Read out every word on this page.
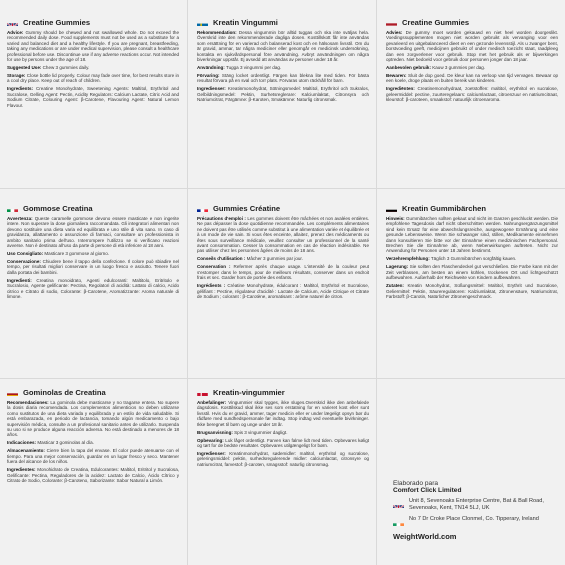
Creatine Gummies

Advice: Gummy should be chewed and not swallowed whole. Do not exceed the recommended daily dose. Food supplements must not be used as a substitute for a varied and balanced diet and a healthy lifestyle. If you are pregnant, breastfeeding, taking any medications or are under medical supervision, please consult a healthcare professional before use. Discontinue use if any adverse reactions occur. Not intended for use by persons under the age of 18.

Suggested Use: Chew 3 gummies daily.

Storage: Close bottle lid properly. Colour may fade over time, for best results store in a cool dry place. Keep out of reach of children.

Ingredients: Creatine Monohydrate, Sweetening Agents: Maltitol, Erythritol and Sucralose, Gelling Agent: Pectin, Acidity Regulators: Calcium Lactate, Citric Acid and Sodium Citrate, Colouring Agent: β-Carotene, Flavouring Agent: Natural Lemon Flavour.

Kreatin Vingummi

Rekommendation: Dessa vingummin bör alltid tuggas och ska inte sväljas hela. Överskrid inte den rekommenderade dagliga dosen. Kosttillskott får inte användas som ersättning för en varierad och balanserad kost och en hälsosam livsstil. Om du är gravid, ammar, tar några mediciner eller genomgår en medicinsk undersökning, kontakta en sjukvårdspersonal före användning. Avbryt användningen om några biverkningar uppstår. Ej avsedd att användas av personer under 18 år.

Användning: Tugga 3 vingummi per dag.

Förvaring: Stäng locket ordentligt. Färgen kan blekna lite med tiden. För bästa resultat förvara på en sval och torr plats. Förvaras utom räckhåll för barn.

Ingredienser: Kreatinmonohydrat, Sötningsmedel: Maltitol, Erythritol och Sukralos, Gelbildningsmedel: Pektin, Surhetsreglerare: Kalciumlaktat, Citronsyra och Natriumcitrat, Färgämne: β-Karoten, Smakämne: Naturlig citronsmak.

Creatine Gummies

Advies: De gummy moet worden gekauwd en niet heel worden doorgeslikt. Voedingssupplementen mogen niet worden gebruikt als vervanging voor een gevarieerd en uitgebalanceerd dieet en een gezonde levensstijl. Als u zwanger bent, borstvoeding geeft, medicijnen gebruikt of onder medisch toezicht staat, raadpleeg dan een zorgverlener voor gebruik. Stop met het gebruik als er bijwerkingen optreden. Niet bedoeld voor gebruik door personen jonger dan 18 jaar.

Aanbevolen gebruik: Kauw 3 gummies per dag.

Bewaren: Sluit de dop goed. De kleur kan na verloop van tijd vervagen. Bewaar op een koele, droge plaats en buiten bereik van kinderen.

Ingrediënten: Creatinemonohydraat, zoetstoffen: maltitol, erythritol en sucralose, geleermiddel: pectine, zuurteregelaars: calciumlactaat, citroenzuur en natriumcitraat, kleurstof: β-caroteen, smaakstof: natuurlijk citroenaroma.

Gommose Creatina

Avvertenza: Queste caramelle gommose devono essere masticate e non ingerite intere. Non superare la dose giornaliera raccomandata. Gli integratori alimentari non devono sostituire una dieta varia ed equilibrata e uno stile di vita sano. In caso di gravidanza, allattamento o assunzione di farmaci, consultare un professionista in ambito sanitario prima dell'uso. Interrompere l'utilizzo se si verificano reazioni avverse. Non è destinato all'uso da parte di persone di età inferiore al 18 anni.

Uso Consigliato: Masticare 3 gommose al giorno.

Conservazione: Chiudere bene il tappo della confezione. Il colore può sbiadire nel tempo, per risultati migliori conservare in un luogo fresco e asciutto. Tenere fuori dalla portata dei bambini.

Ingredienti: Creatina monoidrato, Agenti edulcoranti: Maltitolo, Eritritolo e Sucralosio, Agente gelificante: Pectina, Regolatori di acidità: Lattato di calcio, Acido citrico e Citrato di sodio, Colorante: β-Carotene, Aromatizzante: Aroma naturale di limone.

Gummies Créatine

Précautions d'emploi : Les gommes doivent être mâchées et non avalées entières. Ne pas dépasser la dose quotidienne recommandée. Les compléments alimentaires ne doivent pas être utilisés comme substitut à une alimentation variée et équilibrée et à un mode de vie sain. Si vous êtes enceinte, allaitez, prenez des médicaments ou êtes sous surveillance médicale, veuillez consulter un professionnel de la santé avant consommation. Cesser la consommation en cas de réaction indésirable. Ne pas utiliser chez les personnes âgées de moins de 18 ans.

Conseils d'utilisation : Mâcher 3 gummies par jour.

Conservation : Refermer après chaque usage. L'intensité de la couleur peut s'estomper dans le temps, pour de meilleurs résultats, conserver dans un endroit frais et sec. Garder hors de portée des enfants.

Ingrédients : Créatine Monohydrate, édulcorant : Maltitol, Erythritol et Sucralose, gélifiant : Pectine, régulateur d'acidité : Lactate de Calcium, Acide Citrique et Citrate de Sodium ; colorant : β-Carotène, aromatisant : arôme naturel de citron.

Kreatin Gummibärchen

Hinweis: Gummibärchen sollten gekaut und nicht im Ganzen geschluckt werden. Die empfohlene Tagesdosis darf nicht überschritten werden. Nahrungsergänzungsmittel sind kein Ersatz für eine abwechslungsreiche, ausgewogene Ernährung und eine gesunde Lebensweise. Wenn Sie schwanger sind, stillen, Medikamente einnehmen dann konsultieren Sie bitte vor der Einnahme einen medizinischen Fachpersonal. Brechen Sie die Einnahme ab, wenn Nebenwirkungen auftreten. Nicht zur Anwendung für Personen unter 18 Jahren bestimmt.

Verzehrempfehlung: Täglich 3 Gummibärchen sorgfältig kauen.

Lagerung: Sie sollten den Flaschendeckel gut verschließen. Die Farbe kann mit der Zeit verblassen, am besten an einem kühlen, trockenen Ort und lichtgeschützt aufbewahren. Außerhalb der Reichweite von Kindern aufbewahren.

Zutaten: Kreatin Monohydrat, Süßungsmittel: Maltitol, Erythrit und Sucralose, Geliermittel: Pektin, Säureregulatoren: Kalziumlaktat, Zitronensäure, Natriumcitrat, Farbstoff: β-Carotin, Natürlicher Zitronengeschmack.

Gominolas de Creatina

Recomendaciones: La gominola debe masticarse y no tragarse entera. No supere la dosis diaria recomendada. Los complementos alimenticios no deben utilizarse como sustitutos de una dieta variada y equilibrada y un estilo de vida saludable. Si está embarazada, en periodo de lactancia, tomando algún medicamento o bajo supervisión médica, consulte a un profesional sanitario antes de utilizarlo. Suspenda su uso si se produce alguna reacción adversa. No está destinado a menores de 18 años.

Indicaciones: Masticar 3 gominolas al día.

Almacenamiento: Cierre bien la tapa del envase. El color puede atenuarse con el tiempo. Para una mejor conservación, guardar en un lugar fresco y seco. Mantener fuera del alcance de los niños.

Ingredientes: Monohidrato de Creatina, Edulcorantes: Maltitol, Eritritol y Sucralosa, Gelificante: Pectina, Reguladores de la acidez: Lactato de Calcio, Ácido Cítrico y Citrato de Sodio, Colorante: β-Caroteno, Saborizante: Sabor Natural a Limón.

Kreatin-vingummier

Anbefalinger: Vingummier skal tygges, ikke sluges.Overskrid ikke den anbefalede dagsdosis. Kosttilskud skal ikke ses som erstatning for en varieret kost eller sunt livsstil. Hvis du er gravid, ammer, tager medicin eller er under lægeligt opsyn bør du rådføre med sundhedspersonale før indtag. Stop indtag ved eventuelle bivirkninger. Ikke beregnet til børn og unge under 18 år.

Brugsanvisning: Spis 3 vingummier dagligt.

Opbevaring: Luk låget ordentligt. Farven kan falme lidt med tiden. Opbevares køligt og tørt for de bedste resultater. Opbevares utilgængeligt for børn.

Ingredienser: Kreatinmonohydrat, sødemidler: maltitol, erythritol og sucralose, geleringsmiddel: pektin, surhedsregulerende midler: calciumlactat, citronsyre og natriumcitrat, farvestof: β-caroten, smagsstof: naturlig citronsmag.

Elaborado para
Comfort Click Limited
Unit 8, Sevenoaks Enterprise Centre, Bat & Ball Road, Sevenoaks, Kent, TN14 5LJ, UK
No 7 Dr Croke Place Clonmel, Co. Tipperary, Ireland
WeightWorld.com
